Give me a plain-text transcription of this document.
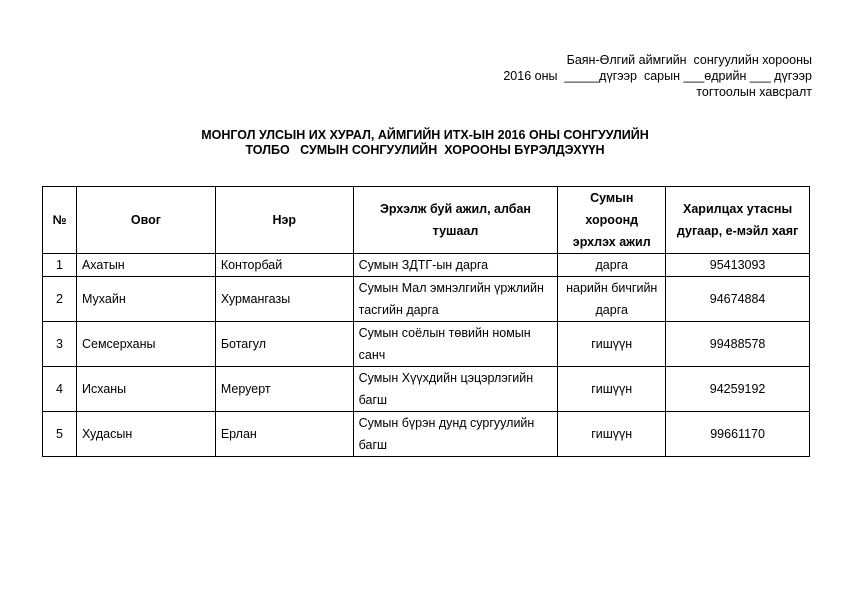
Баян-Өлгий аймгийн  сонгуулийн хорооны
2016 оны  _____дүгээр  сарын ___өдрийн ___ дүгээр
тогтоолын хавсралт
МОНГОЛ УЛСЫН ИХ ХУРАЛ, АЙМГИЙН ИТХ-ЫН 2016 ОНЫ СОНГУУЛИЙН
ТОЛБО   СУМЫН СОНГУУЛИЙН  ХОРООНЫ БҮРЭЛДЭХҮҮН
№	Овог	Нэр	Эрхэлж буй ажил, албан тушаал	Сумын хороонд эрхлэх ажил	Харилцах утасны дугаар, е-мэйл хаяг
1	Ахатын	Конторбай	Сумын ЗДТГ-ын дарга	дарга	95413093
2	Мухайн	Хурмангазы	Сумын Мал эмнэлгийн үржлийн тасгийн дарга	нарийн бичгийн дарга	94674884
3	Семсерханы	Ботагул	Сумын соёлын төвийн номын санч	гишүүн	99488578
4	Исханы	Меруерт	Сумын Хүүхдийн цэцэрлэгийн багш	гишүүн	94259192
5	Худасын	Ерлан	Сумын бүрэн дунд сургуулийн багш	гишүүн	99661170
